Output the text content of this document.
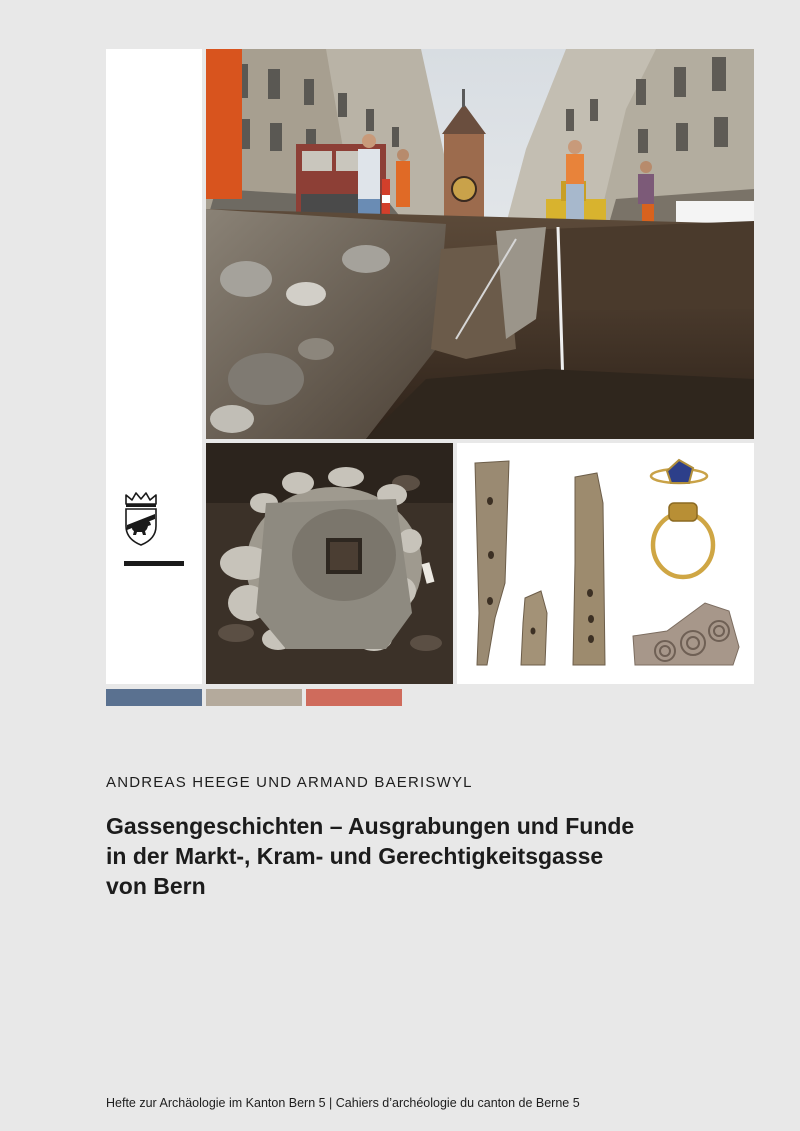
ANDREAS HEEGE UND ARMAND BAERISWYL
Gassengeschichten – Ausgrabungen und Funde
in der Markt-, Kram- und Gerechtigkeitsgasse
von Bern
Hefte zur Archäologie im Kanton Bern 5 | Cahiers d’archéologie du canton de Berne 5
